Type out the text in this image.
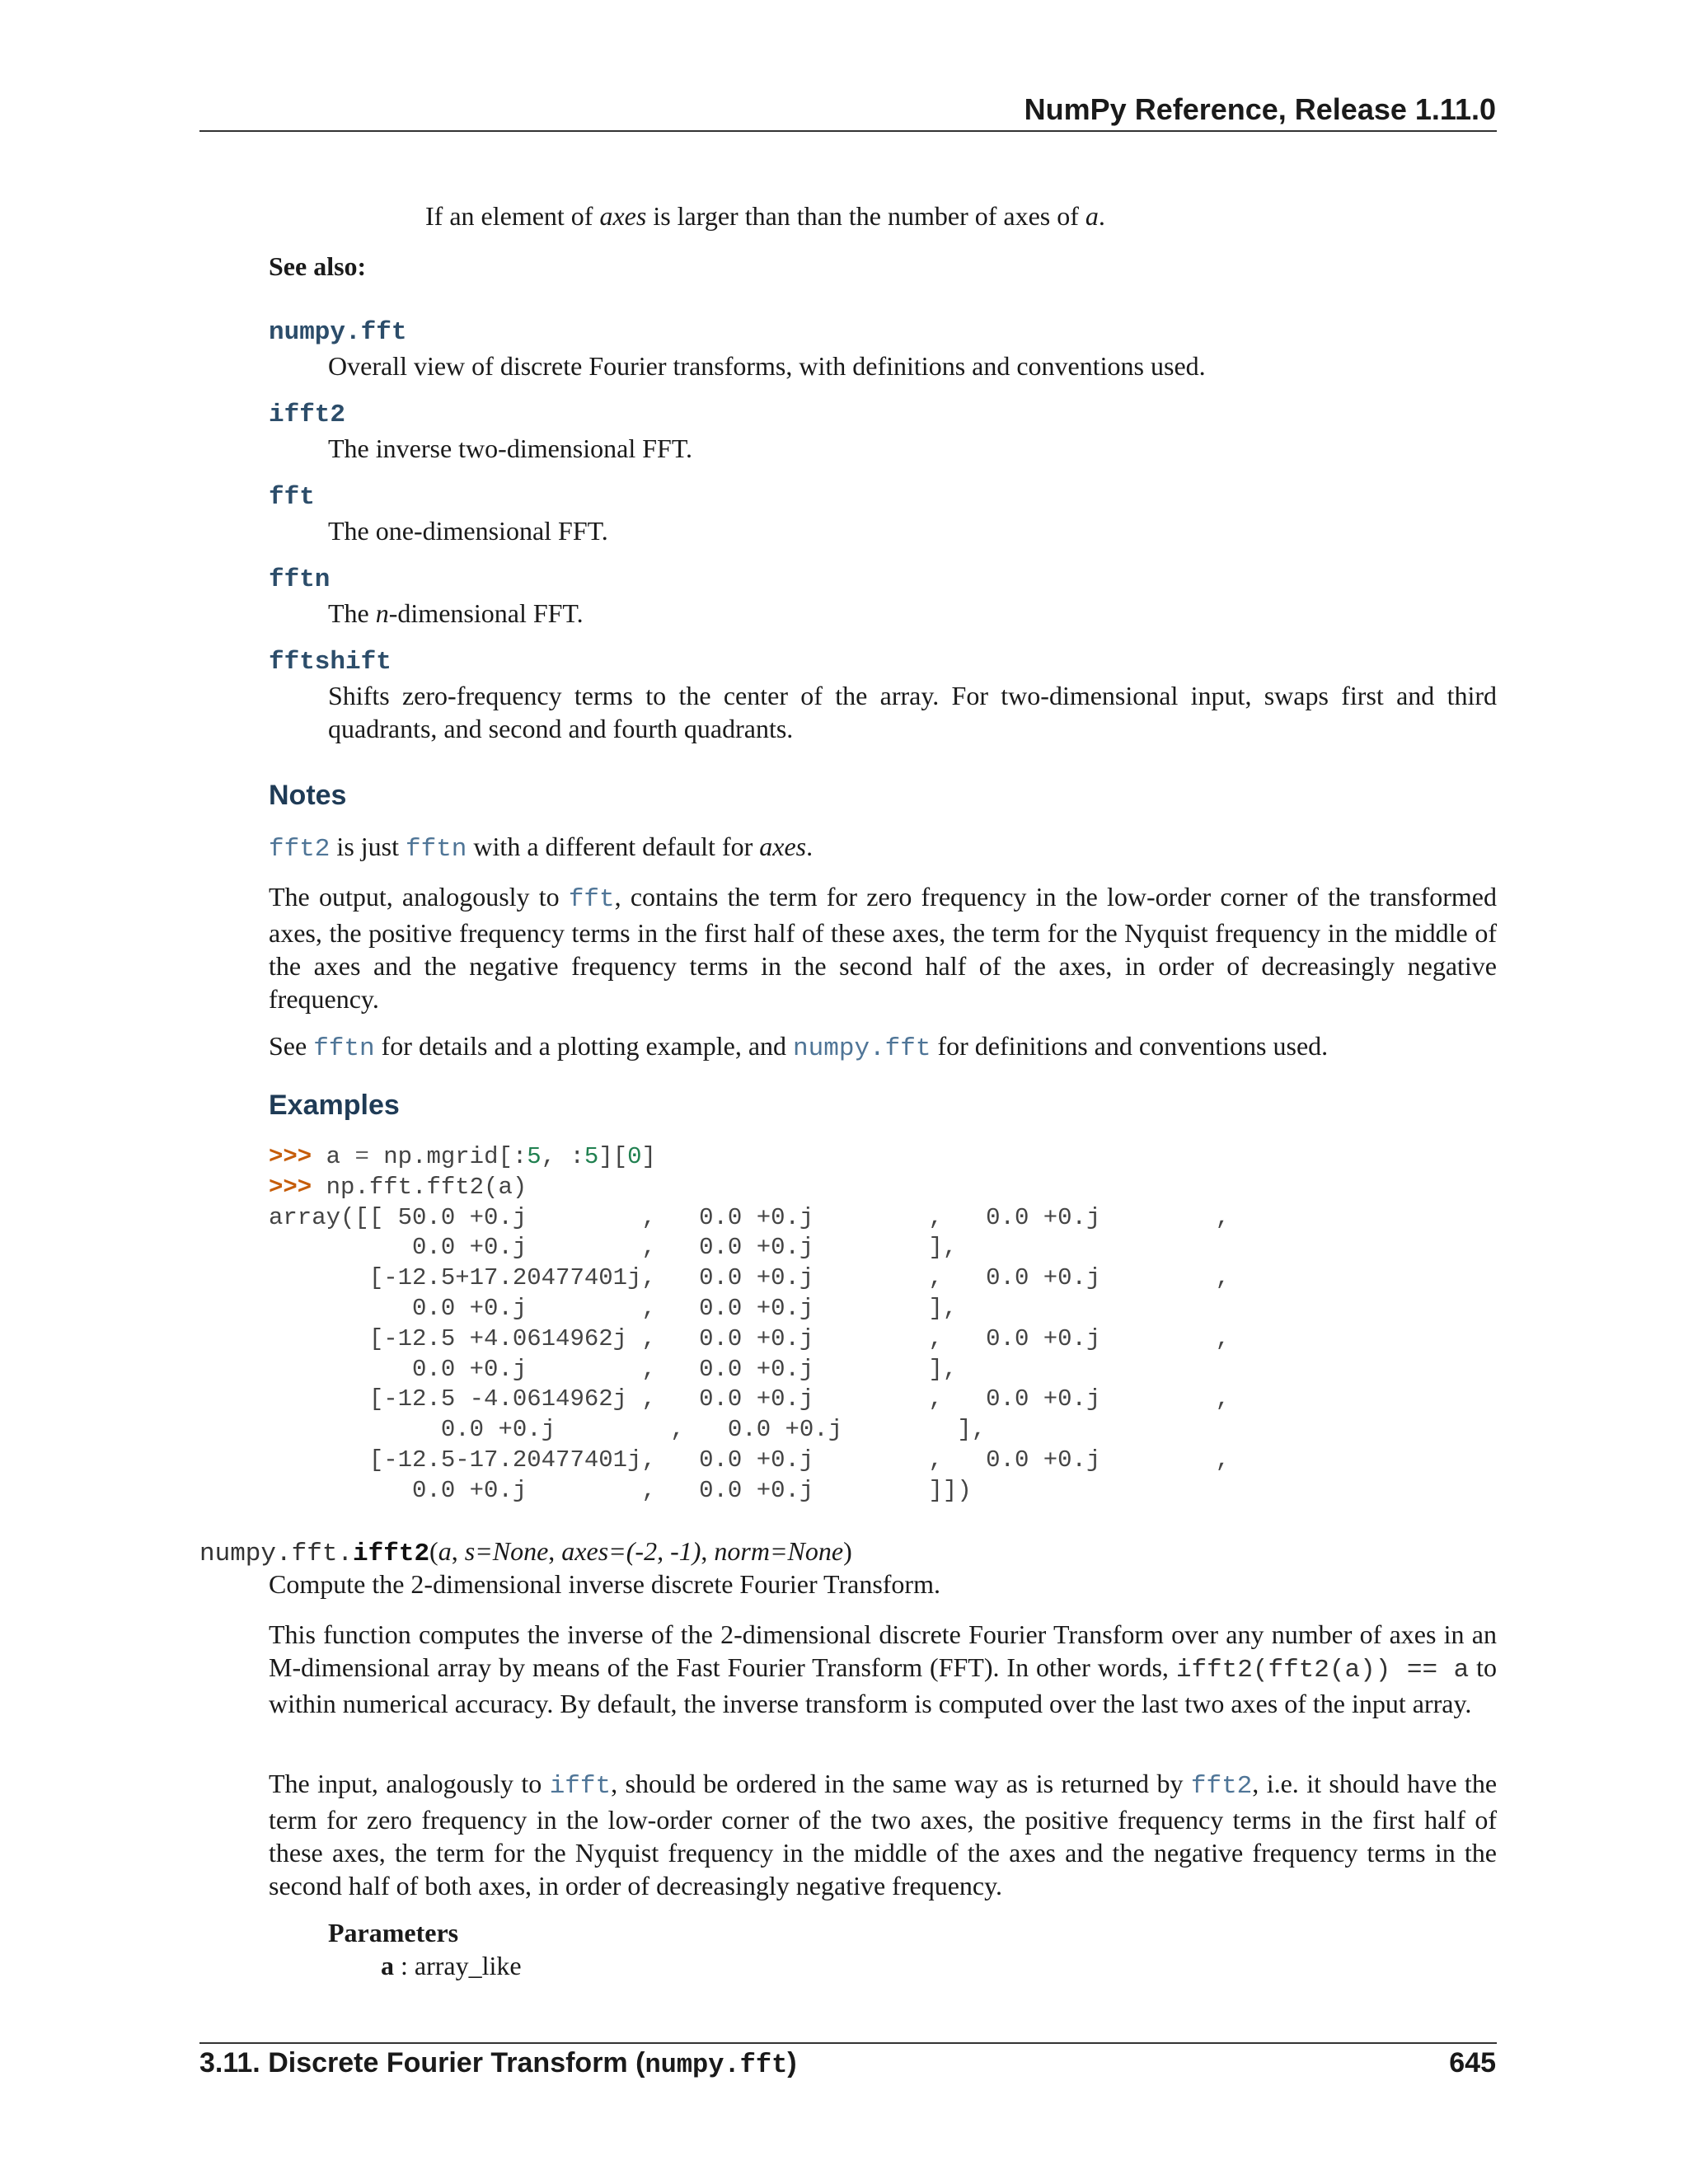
NumPy Reference, Release 1.11.0
If an element of axes is larger than than the number of axes of a.
See also:
numpy.fft
Overall view of discrete Fourier transforms, with definitions and conventions used.
ifft2
The inverse two-dimensional FFT.
fft
The one-dimensional FFT.
fftn
The n-dimensional FFT.
fftshift
Shifts zero-frequency terms to the center of the array. For two-dimensional input, swaps first and third quadrants, and second and fourth quadrants.
Notes
fft2 is just fftn with a different default for axes.
The output, analogously to fft, contains the term for zero frequency in the low-order corner of the transformed axes, the positive frequency terms in the first half of these axes, the term for the Nyquist frequency in the middle of the axes and the negative frequency terms in the second half of the axes, in order of decreasingly negative frequency.
See fftn for details and a plotting example, and numpy.fft for definitions and conventions used.
Examples
>>> a = np.mgrid[:5, :5][0]
>>> np.fft.fft2(a)
array([[ 50.0 +0.j        ,   0.0 +0.j        ,   0.0 +0.j        ,
0.0 +0.j        ,   0.0 +0.j        ],
[-12.5+17.20477401j,   0.0 +0.j        ,   0.0 +0.j        ,
0.0 +0.j        ,   0.0 +0.j        ],
[-12.5 +4.0614962j ,   0.0 +0.j        ,   0.0 +0.j        ,
0.0 +0.j        ,   0.0 +0.j        ],
[-12.5 -4.0614962j ,   0.0 +0.j        ,   0.0 +0.j        ,
0.0 +0.j        ,   0.0 +0.j        ],
[-12.5-17.20477401j,   0.0 +0.j        ,   0.0 +0.j        ,
0.0 +0.j        ,   0.0 +0.j        ]])
numpy.fft.ifft2(a, s=None, axes=(-2, -1), norm=None)
Compute the 2-dimensional inverse discrete Fourier Transform.
This function computes the inverse of the 2-dimensional discrete Fourier Transform over any number of axes in an M-dimensional array by means of the Fast Fourier Transform (FFT). In other words, ifft2(fft2(a)) == a to within numerical accuracy. By default, the inverse transform is computed over the last two axes of the input array.
The input, analogously to ifft, should be ordered in the same way as is returned by fft2, i.e. it should have the term for zero frequency in the low-order corner of the two axes, the positive frequency terms in the first half of these axes, the term for the Nyquist frequency in the middle of the axes and the negative frequency terms in the second half of both axes, in order of decreasingly negative frequency.
Parameters
a : array_like
3.11. Discrete Fourier Transform (numpy.fft)	645
